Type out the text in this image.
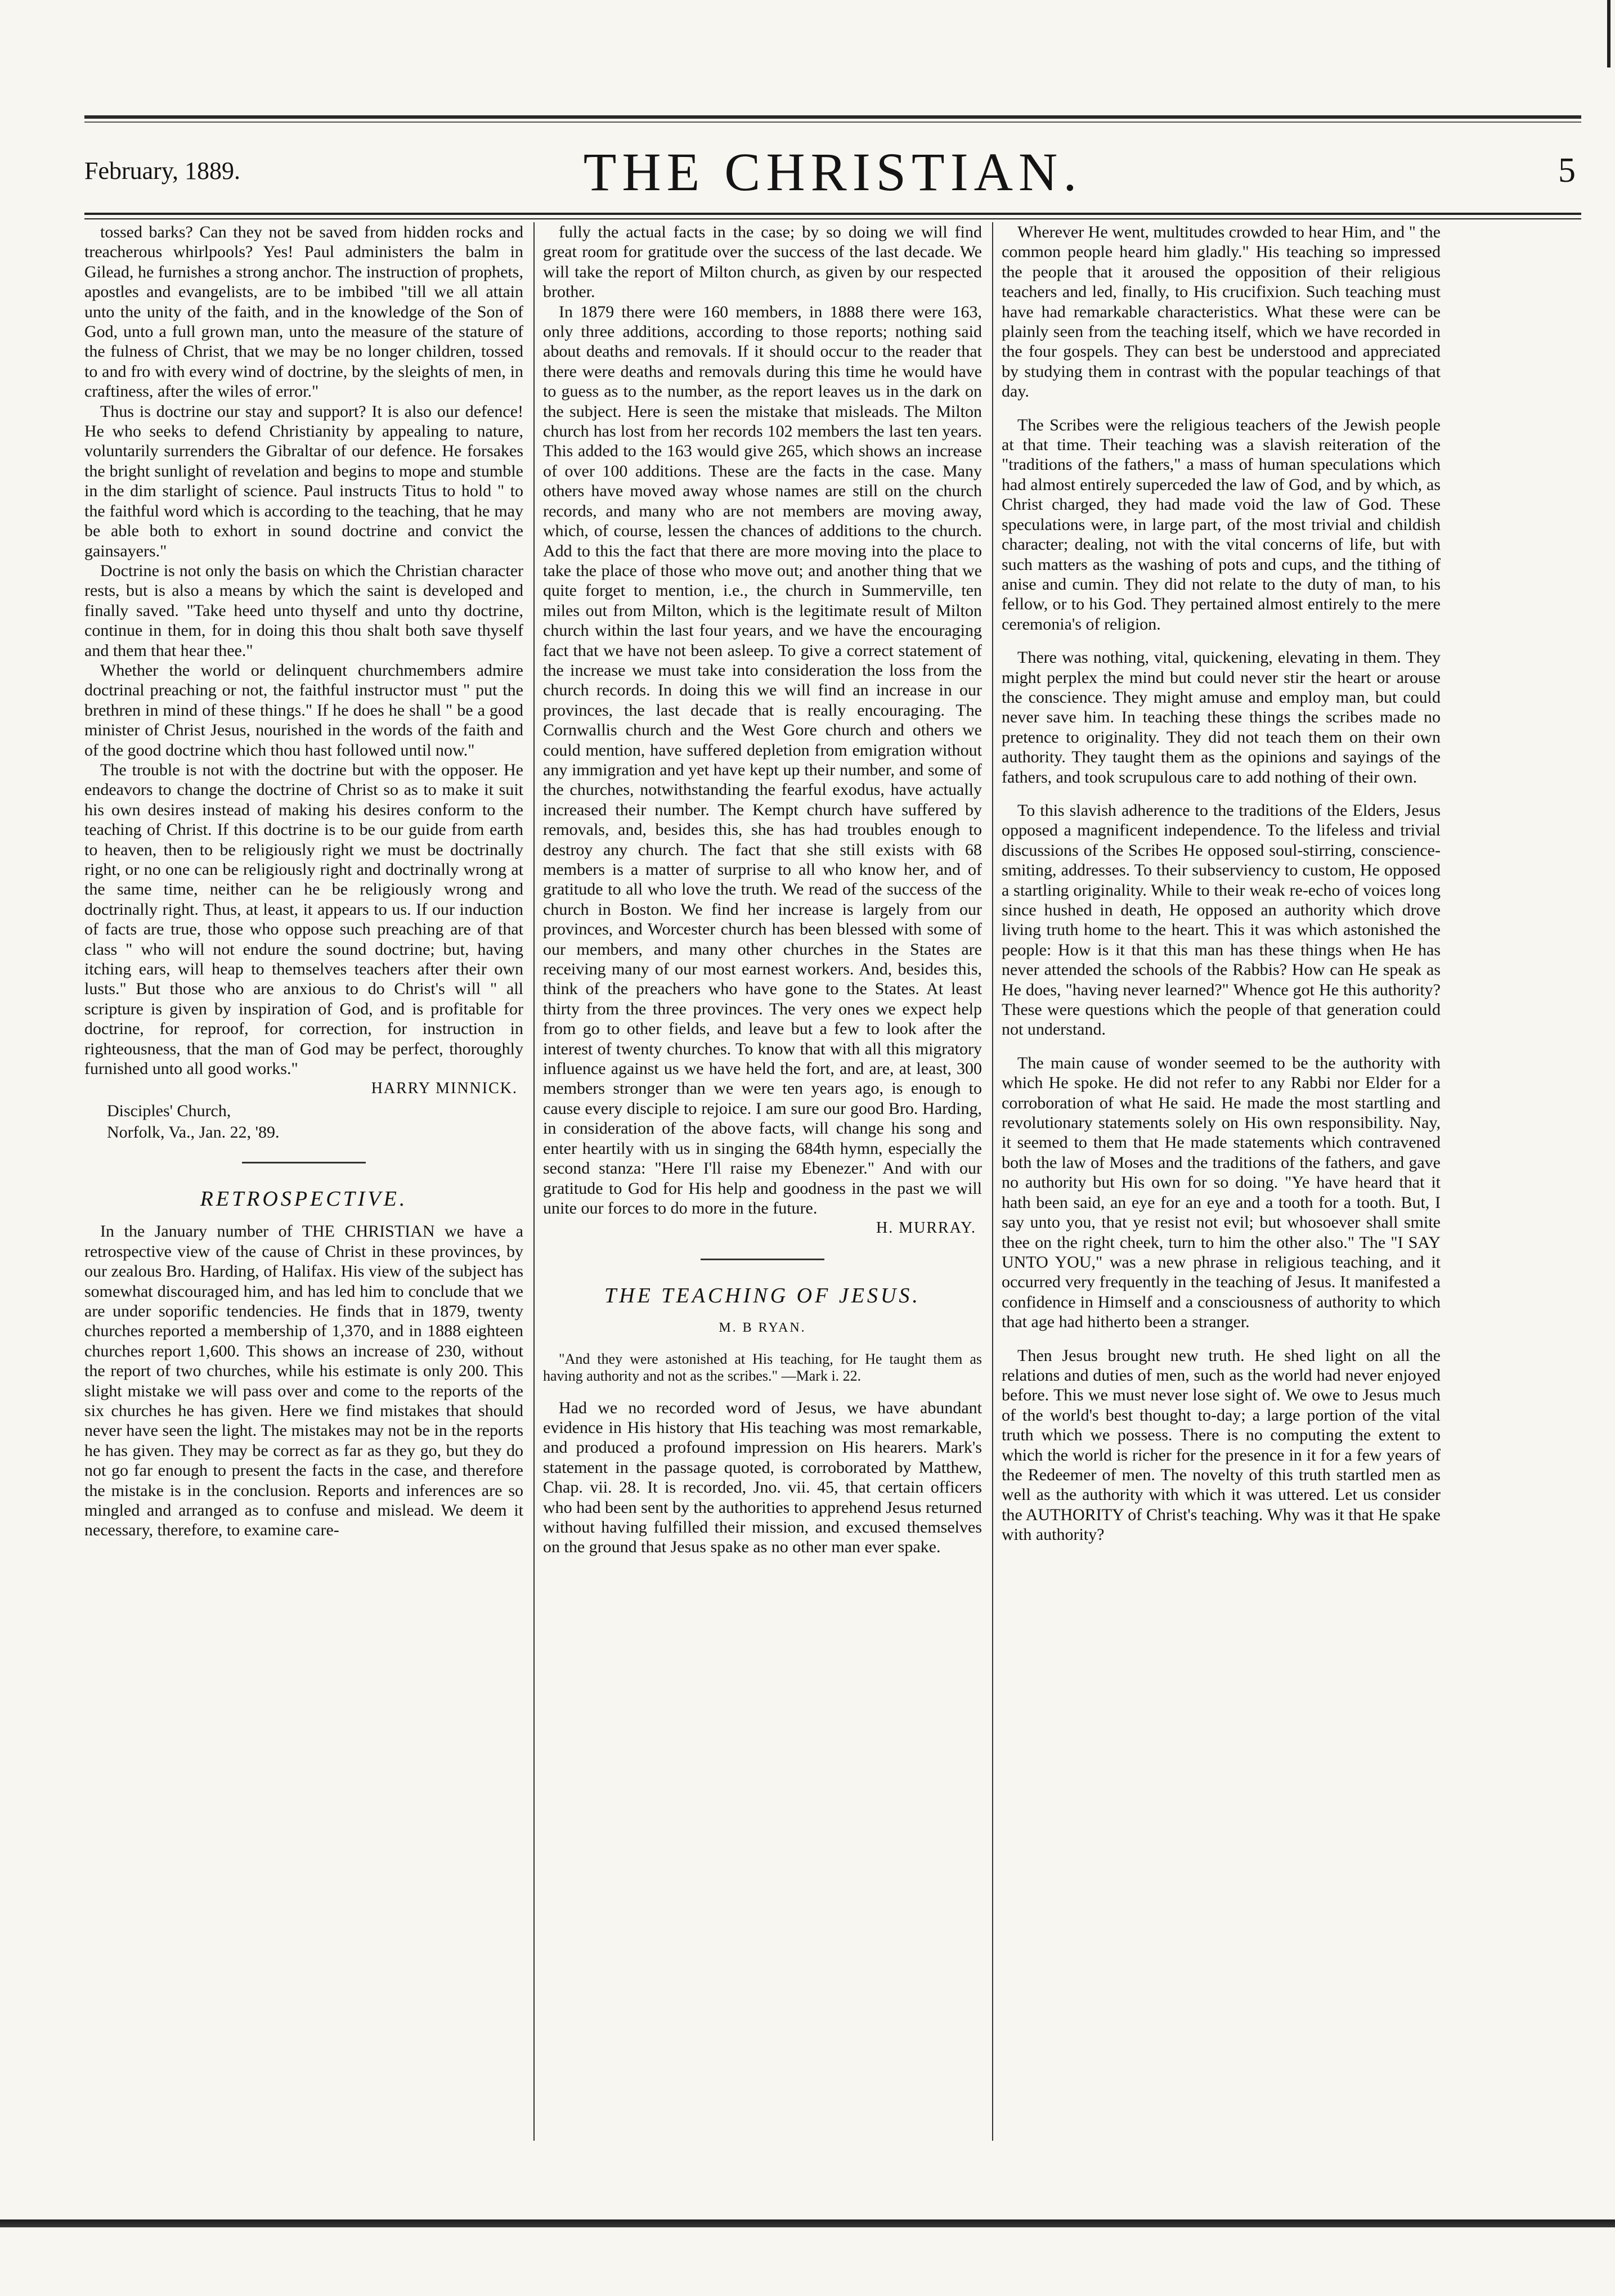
February, 1889.	THE CHRISTIAN.	5

tossed barks? Can they not be saved from hidden rocks and treacherous whirlpools? Yes! Paul administers the balm in Gilead, he furnishes a strong anchor. The instruction of prophets, apostles and evangelists, are to be imbibed "till we all attain unto the unity of the faith, and in the knowledge of the Son of God, unto a full grown man, unto the measure of the stature of the fulness of Christ, that we may be no longer children, tossed to and fro with every wind of doctrine, by the sleights of men, in craftiness, after the wiles of error."

Thus is doctrine our stay and support? It is also our defence! He who seeks to defend Christianity by appealing to nature, voluntarily surrenders the Gibraltar of our defence. He forsakes the bright sunlight of revelation and begins to mope and stumble in the dim starlight of science. Paul instructs Titus to hold " to the faithful word which is according to the teaching, that he may be able both to exhort in sound doctrine and convict the gainsayers."

Doctrine is not only the basis on which the Christian character rests, but is also a means by which the saint is developed and finally saved. "Take heed unto thyself and unto thy doctrine, continue in them, for in doing this thou shalt both save thyself and them that hear thee."

Whether the world or delinquent churchmembers admire doctrinal preaching or not, the faithful instructor must " put the brethren in mind of these things." If he does he shall " be a good minister of Christ Jesus, nourished in the words of the faith and of the good doctrine which thou hast followed until now."

The trouble is not with the doctrine but with the opposer. He endeavors to change the doctrine of Christ so as to make it suit his own desires instead of making his desires conform to the teaching of Christ. If this doctrine is to be our guide from earth to heaven, then to be religiously right we must be doctrinally right, or no one can be religiously right and doctrinally wrong at the same time, neither can he be religiously wrong and doctrinally right. Thus, at least, it appears to us. If our induction of facts are true, those who oppose such preaching are of that class " who will not endure the sound doctrine; but, having itching ears, will heap to themselves teachers after their own lusts." But those who are anxious to do Christ's will " all scripture is given by inspiration of God, and is profitable for doctrine, for reproof, for correction, for instruction in righteousness, that the man of God may be perfect, thoroughly furnished unto all good works."

HARRY MINNICK.
Disciples' Church,
Norfolk, Va., Jan. 22, '89.
RETROSPECTIVE.

In the January number of THE CHRISTIAN we have a retrospective view of the cause of Christ in these provinces, by our zealous Bro. Harding, of Halifax. His view of the subject has somewhat discouraged him, and has led him to conclude that we are under soporific tendencies. He finds that in 1879, twenty churches reported a membership of 1,370, and in 1888 eighteen churches report 1,600. This shows an increase of 230, without the report of two churches, while his estimate is only 200. This slight mistake we will pass over and come to the reports of the six churches he has given. Here we find mistakes that should never have seen the light. The mistakes may not be in the reports he has given. They may be correct as far as they go, but they do not go far enough to present the facts in the case, and therefore the mistake is in the conclusion. Reports and inferences are so mingled and arranged as to confuse and mislead. We deem it necessary, therefore, to examine care-

fully the actual facts in the case; by so doing we will find great room for gratitude over the success of the last decade. We will take the report of Milton church, as given by our respected brother.

In 1879 there were 160 members, in 1888 there were 163, only three additions, according to those reports; nothing said about deaths and removals. If it should occur to the reader that there were deaths and removals during this time he would have to guess as to the number, as the report leaves us in the dark on the subject. Here is seen the mistake that misleads. The Milton church has lost from her records 102 members the last ten years. This added to the 163 would give 265, which shows an increase of over 100 additions. These are the facts in the case. Many others have moved away whose names are still on the church records, and many who are not members are moving away, which, of course, lessen the chances of additions to the church. Add to this the fact that there are more moving into the place to take the place of those who move out; and another thing that we quite forget to mention, i.e., the church in Summerville, ten miles out from Milton, which is the legitimate result of Milton church within the last four years, and we have the encouraging fact that we have not been asleep. To give a correct statement of the increase we must take into consideration the loss from the church records. In doing this we will find an increase in our provinces, the last decade that is really encouraging. The Cornwallis church and the West Gore church and others we could mention, have suffered depletion from emigration without any immigration and yet have kept up their number, and some of the churches, notwithstanding the fearful exodus, have actually increased their number. The Kempt church have suffered by removals, and, besides this, she has had troubles enough to destroy any church. The fact that she still exists with 68 members is a matter of surprise to all who know her, and of gratitude to all who love the truth. We read of the success of the church in Boston. We find her increase is largely from our provinces, and Worcester church has been blessed with some of our members, and many other churches in the States are receiving many of our most earnest workers. And, besides this, think of the preachers who have gone to the States. At least thirty from the three provinces. The very ones we expect help from go to other fields, and leave but a few to look after the interest of twenty churches. To know that with all this migratory influence against us we have held the fort, and are, at least, 300 members stronger than we were ten years ago, is enough to cause every disciple to rejoice. I am sure our good Bro. Harding, in consideration of the above facts, will change his song and enter heartily with us in singing the 684th hymn, especially the second stanza: "Here I'll raise my Ebenezer." And with our gratitude to God for His help and goodness in the past we will unite our forces to do more in the future.

H. MURRAY.
THE TEACHING OF JESUS.
M. B RYAN.

"And they were astonished at His teaching, for He taught them as having authority and not as the scribes." —Mark i. 22.

Had we no recorded word of Jesus, we have abundant evidence in His history that His teaching was most remarkable, and produced a profound impression on His hearers. Mark's statement in the passage quoted, is corroborated by Matthew, Chap. vii. 28. It is recorded, Jno. vii. 45, that certain officers who had been sent by the authorities to apprehend Jesus returned without having fulfilled their mission, and excused themselves on the ground that Jesus spake as no other man ever spake.

Wherever He went, multitudes crowded to hear Him, and " the common people heard him gladly." His teaching so impressed the people that it aroused the opposition of their religious teachers and led, finally, to His crucifixion. Such teaching must have had remarkable characteristics. What these were can be plainly seen from the teaching itself, which we have recorded in the four gospels. They can best be understood and appreciated by studying them in contrast with the popular teachings of that day.

The Scribes were the religious teachers of the Jewish people at that time. Their teaching was a slavish reiteration of the "traditions of the fathers," a mass of human speculations which had almost entirely superceded the law of God, and by which, as Christ charged, they had made void the law of God. These speculations were, in large part, of the most trivial and childish character; dealing, not with the vital concerns of life, but with such matters as the washing of pots and cups, and the tithing of anise and cumin. They did not relate to the duty of man, to his fellow, or to his God. They pertained almost entirely to the mere ceremonia's of religion.

There was nothing, vital, quickening, elevating in them. They might perplex the mind but could never stir the heart or arouse the conscience. They might amuse and employ man, but could never save him. In teaching these things the scribes made no pretence to originality. They did not teach them on their own authority. They taught them as the opinions and sayings of the fathers, and took scrupulous care to add nothing of their own.

To this slavish adherence to the traditions of the Elders, Jesus opposed a magnificent independence. To the lifeless and trivial discussions of the Scribes He opposed soul-stirring, conscience-smiting, addresses. To their subserviency to custom, He opposed a startling originality. While to their weak re-echo of voices long since hushed in death, He opposed an authority which drove living truth home to the heart. This it was which astonished the people: How is it that this man has these things when He has never attended the schools of the Rabbis? How can He speak as He does, "having never learned?" Whence got He this authority? These were questions which the people of that generation could not understand.

The main cause of wonder seemed to be the authority with which He spoke. He did not refer to any Rabbi nor Elder for a corroboration of what He said. He made the most startling and revolutionary statements solely on His own responsibility. Nay, it seemed to them that He made statements which contravened both the law of Moses and the traditions of the fathers, and gave no authority but His own for so doing. "Ye have heard that it hath been said, an eye for an eye and a tooth for a tooth. But, I say unto you, that ye resist not evil; but whosoever shall smite thee on the right cheek, turn to him the other also." The "I SAY UNTO YOU," was a new phrase in religious teaching, and it occurred very frequently in the teaching of Jesus. It manifested a confidence in Himself and a consciousness of authority to which that age had hitherto been a stranger.

Then Jesus brought new truth. He shed light on all the relations and duties of men, such as the world had never enjoyed before. This we must never lose sight of. We owe to Jesus much of the world's best thought to-day; a large portion of the vital truth which we possess. There is no computing the extent to which the world is richer for the presence in it for a few years of the Redeemer of men. The novelty of this truth startled men as well as the authority with which it was uttered. Let us consider the AUTHORITY of Christ's teaching. Why was it that He spake with authority?
